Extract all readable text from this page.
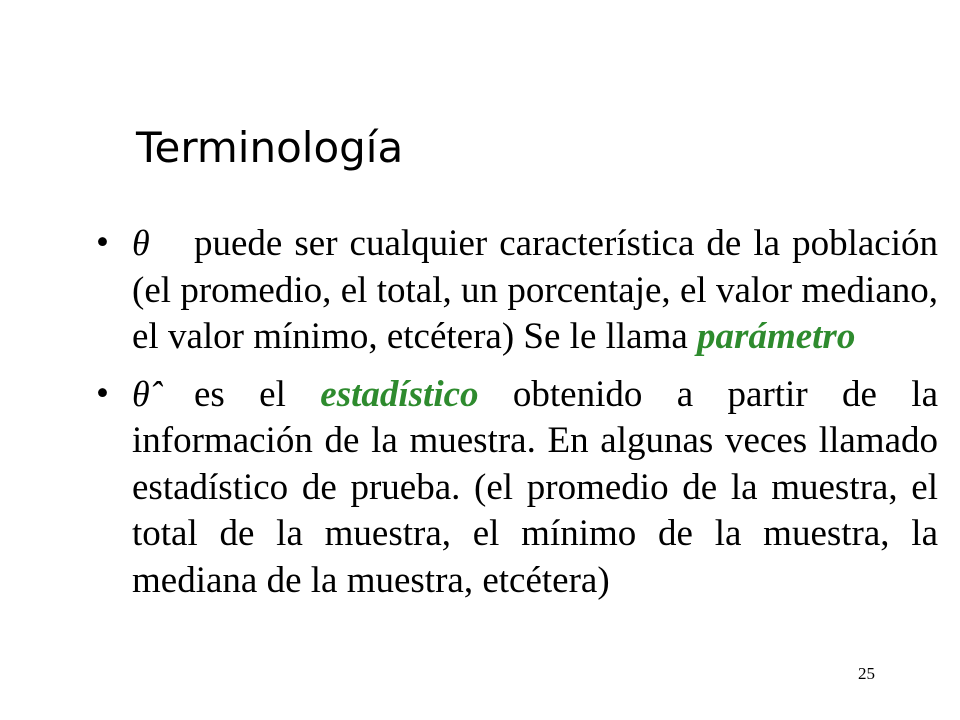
Terminología
• θ puede ser cualquier característica de la población (el promedio, el total, un porcentaje, el valor mediano, el valor mínimo, etcétera) Se le llama parámetro
• θ̂ es el estadístico obtenido a partir de la información de la muestra. En algunas veces llamado estadístico de prueba. (el promedio de la muestra, el total de la muestra, el mínimo de la muestra, la mediana de la muestra, etcétera)
25
